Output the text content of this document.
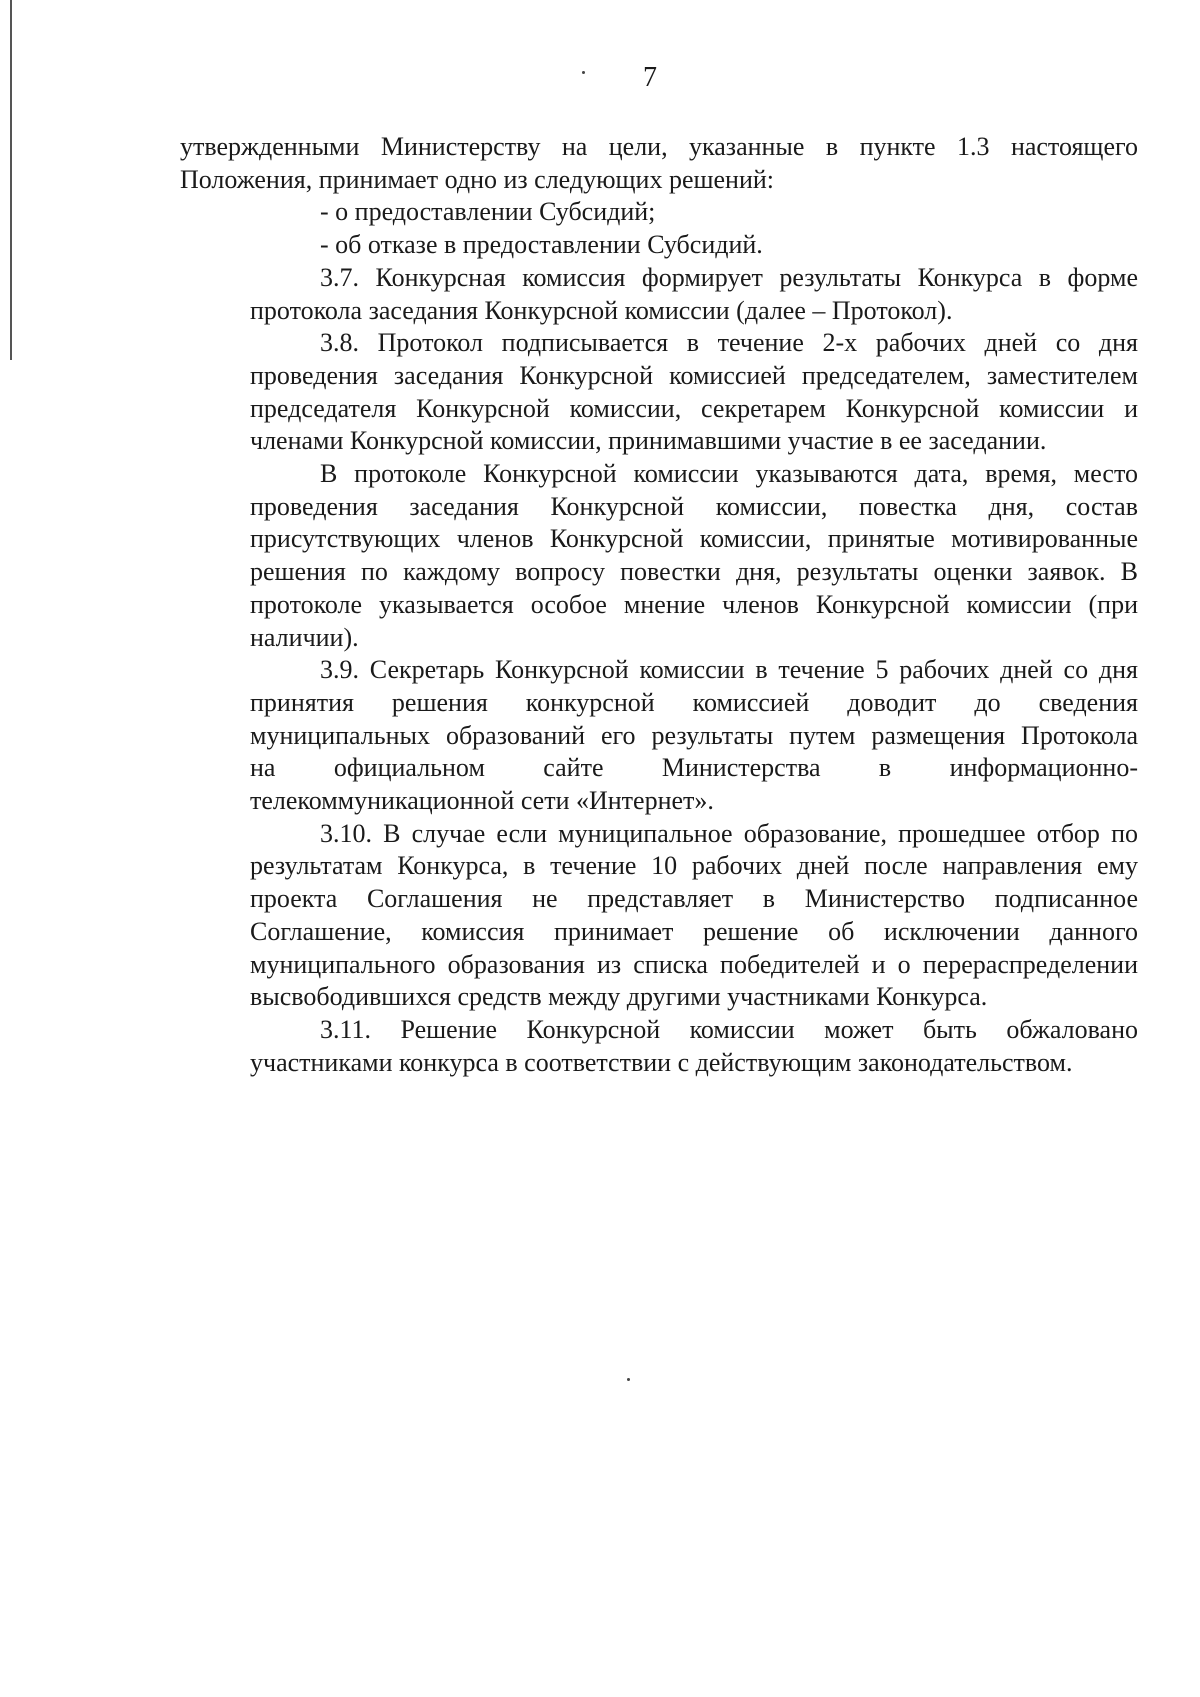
7
утвержденными Министерству на цели, указанные в пункте 1.3 настоящего
Положения, принимает одно из следующих решений:
- о предоставлении Субсидий;
- об отказе в предоставлении Субсидий.
3.7. Конкурсная комиссия формирует результаты Конкурса в форме
протокола заседания Конкурсной комиссии (далее – Протокол).
3.8. Протокол подписывается в течение 2-х рабочих дней со дня
проведения заседания Конкурсной комиссией председателем, заместителем
председателя Конкурсной комиссии, секретарем Конкурсной комиссии и
членами Конкурсной комиссии, принимавшими участие в ее заседании.
В протоколе Конкурсной комиссии указываются дата, время, место
проведения заседания Конкурсной комиссии, повестка дня, состав
присутствующих членов Конкурсной комиссии, принятые мотивированные
решения по каждому вопросу повестки дня, результаты оценки заявок. В
протоколе указывается особое мнение членов Конкурсной комиссии (при
наличии).
3.9. Секретарь Конкурсной комиссии в течение 5 рабочих дней со дня
принятия решения конкурсной комиссией доводит до сведения
муниципальных образований его результаты путем размещения Протокола
на официальном сайте Министерства в информационно-
телекоммуникационной сети «Интернет».
3.10. В случае если муниципальное образование, прошедшее отбор по
результатам Конкурса, в течение 10 рабочих дней после направления ему
проекта Соглашения не представляет в Министерство подписанное
Соглашение, комиссия принимает решение об исключении данного
муниципального образования из списка победителей и о перераспределении
высвободившихся средств между другими участниками Конкурса.
3.11. Решение Конкурсной комиссии может быть обжаловано
участниками конкурса в соответствии с действующим законодательством.
